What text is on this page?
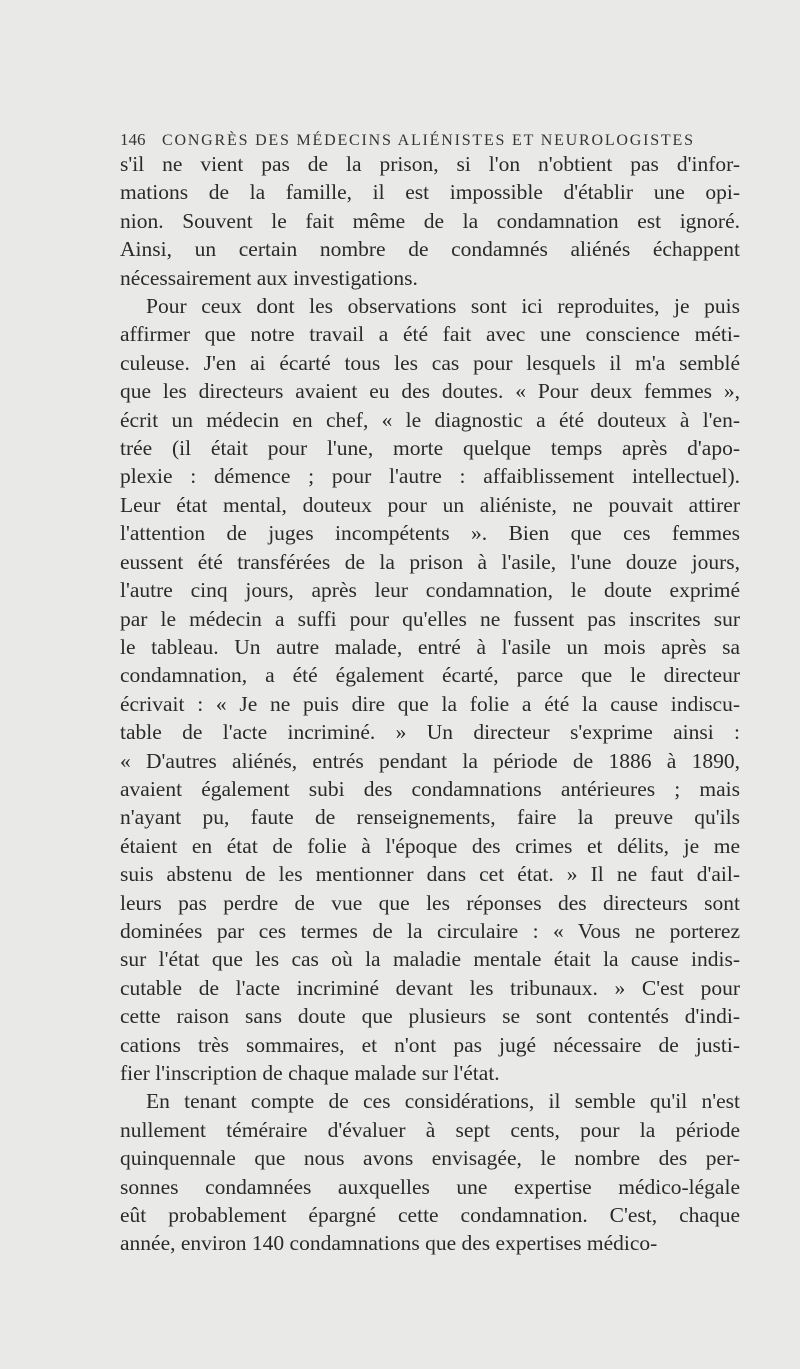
146	CONGRÈS DES MÉDECINS ALIÉNISTES ET NEUROLOGISTES

s'il ne vient pas de la prison, si l'on n'obtient pas d'infor-
mations de la famille, il est impossible d'établir une opi-
nion. Souvent le fait même de la condamnation est ignoré.
Ainsi, un certain nombre de condamnés aliénés échappent
nécessairement aux investigations.

Pour ceux dont les observations sont ici reproduites, je puis
affirmer que notre travail a été fait avec une conscience méti-
culeuse. J'en ai écarté tous les cas pour lesquels il m'a semblé
que les directeurs avaient eu des doutes. « Pour deux femmes »,
écrit un médecin en chef, « le diagnostic a été douteux à l'en-
trée (il était pour l'une, morte quelque temps après d'apo-
plexie : démence ; pour l'autre : affaiblissement intellectuel).
Leur état mental, douteux pour un aliéniste, ne pouvait attirer
l'attention de juges incompétents ». Bien que ces femmes
eussent été transférées de la prison à l'asile, l'une douze jours,
l'autre cinq jours, après leur condamnation, le doute exprimé
par le médecin a suffi pour qu'elles ne fussent pas inscrites sur
le tableau. Un autre malade, entré à l'asile un mois après sa
condamnation, a été également écarté, parce que le directeur
écrivait : « Je ne puis dire que la folie a été la cause indiscu-
table de l'acte incriminé. » Un directeur s'exprime ainsi :
« D'autres aliénés, entrés pendant la période de 1886 à 1890,
avaient également subi des condamnations antérieures ; mais
n'ayant pu, faute de renseignements, faire la preuve qu'ils
étaient en état de folie à l'époque des crimes et délits, je me
suis abstenu de les mentionner dans cet état. » Il ne faut d'ail-
leurs pas perdre de vue que les réponses des directeurs sont
dominées par ces termes de la circulaire : « Vous ne porterez
sur l'état que les cas où la maladie mentale était la cause indis-
cutable de l'acte incriminé devant les tribunaux. » C'est pour
cette raison sans doute que plusieurs se sont contentés d'indi-
cations très sommaires, et n'ont pas jugé nécessaire de justi-
fier l'inscription de chaque malade sur l'état.

En tenant compte de ces considérations, il semble qu'il n'est
nullement téméraire d'évaluer à sept cents, pour la période
quinquennale que nous avons envisagée, le nombre des per-
sonnes condamnées auxquelles une expertise médico-légale
eût probablement épargné cette condamnation. C'est, chaque
année, environ 140 condamnations que des expertises médico-
